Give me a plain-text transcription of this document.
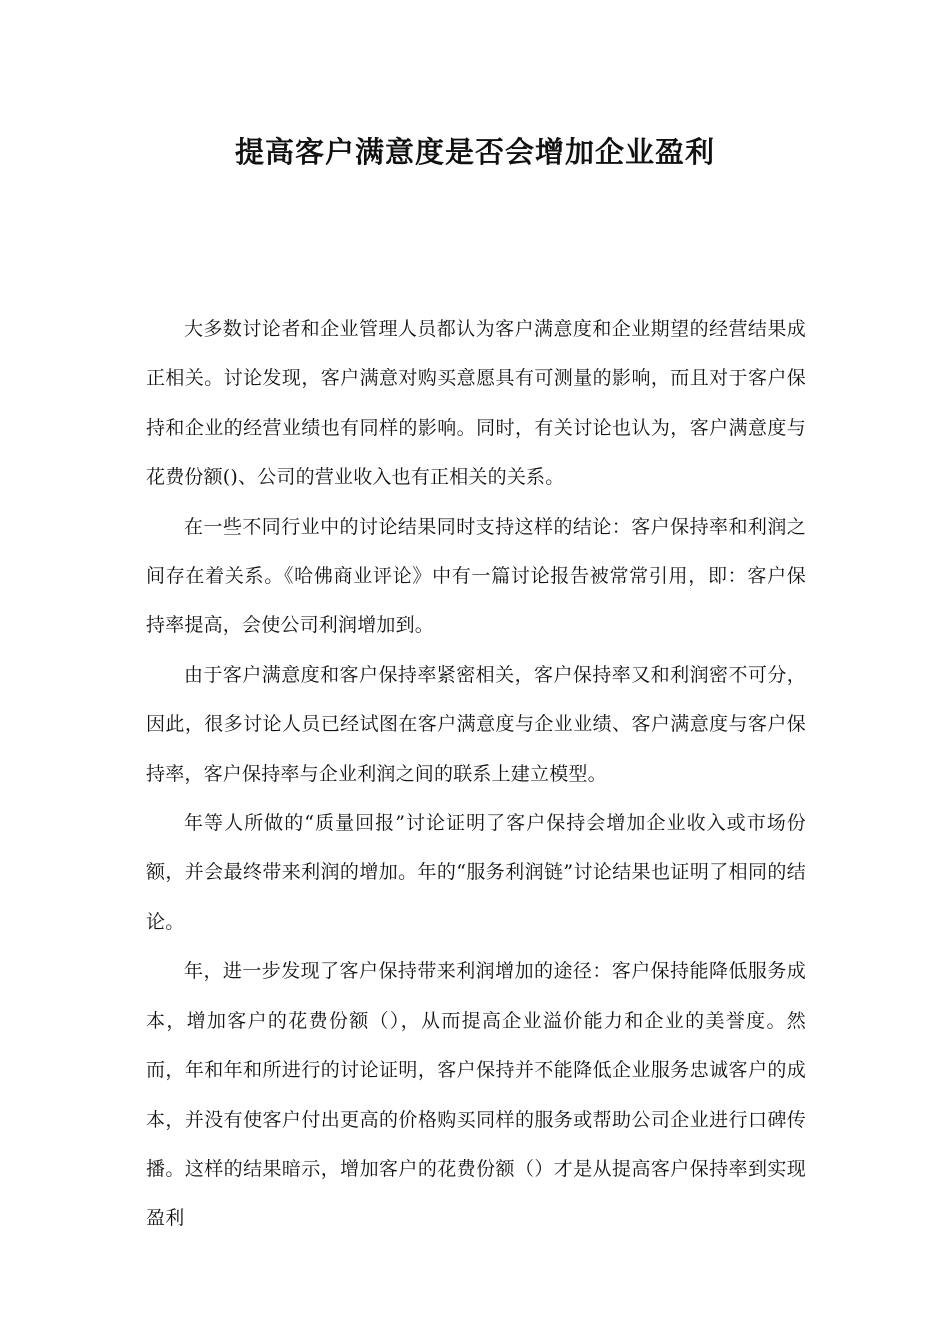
提高客户满意度是否会增加企业盈利

大多数讨论者和企业管理人员都认为客户满意度和企业期望的经营结果成正相关。讨论发现，客户满意对购买意愿具有可测量的影响，而且对于客户保持和企业的经营业绩也有同样的影响。同时，有关讨论也认为，客户满意度与花费份额()、公司的营业收入也有正相关的关系。

在一些不同行业中的讨论结果同时支持这样的结论：客户保持率和利润之间存在着关系。《哈佛商业评论》中有一篇讨论报告被常常引用，即：客户保持率提高，会使公司利润增加到。

由于客户满意度和客户保持率紧密相关，客户保持率又和利润密不可分，因此，很多讨论人员已经试图在客户满意度与企业业绩、客户满意度与客户保持率，客户保持率与企业利润之间的联系上建立模型。

年等人所做的“质量回报”讨论证明了客户保持会增加企业收入或市场份额，并会最终带来利润的增加。年的“服务利润链”讨论结果也证明了相同的结论。

年，进一步发现了客户保持带来利润增加的途径：客户保持能降低服务成本，增加客户的花费份额（），从而提高企业溢价能力和企业的美誉度。然而，年和年和所进行的讨论证明，客户保持并不能降低企业服务忠诚客户的成本，并没有使客户付出更高的价格购买同样的服务或帮助公司企业进行口碑传播。这样的结果暗示，增加客户的花费份额（）才是从提高客户保持率到实现盈利
